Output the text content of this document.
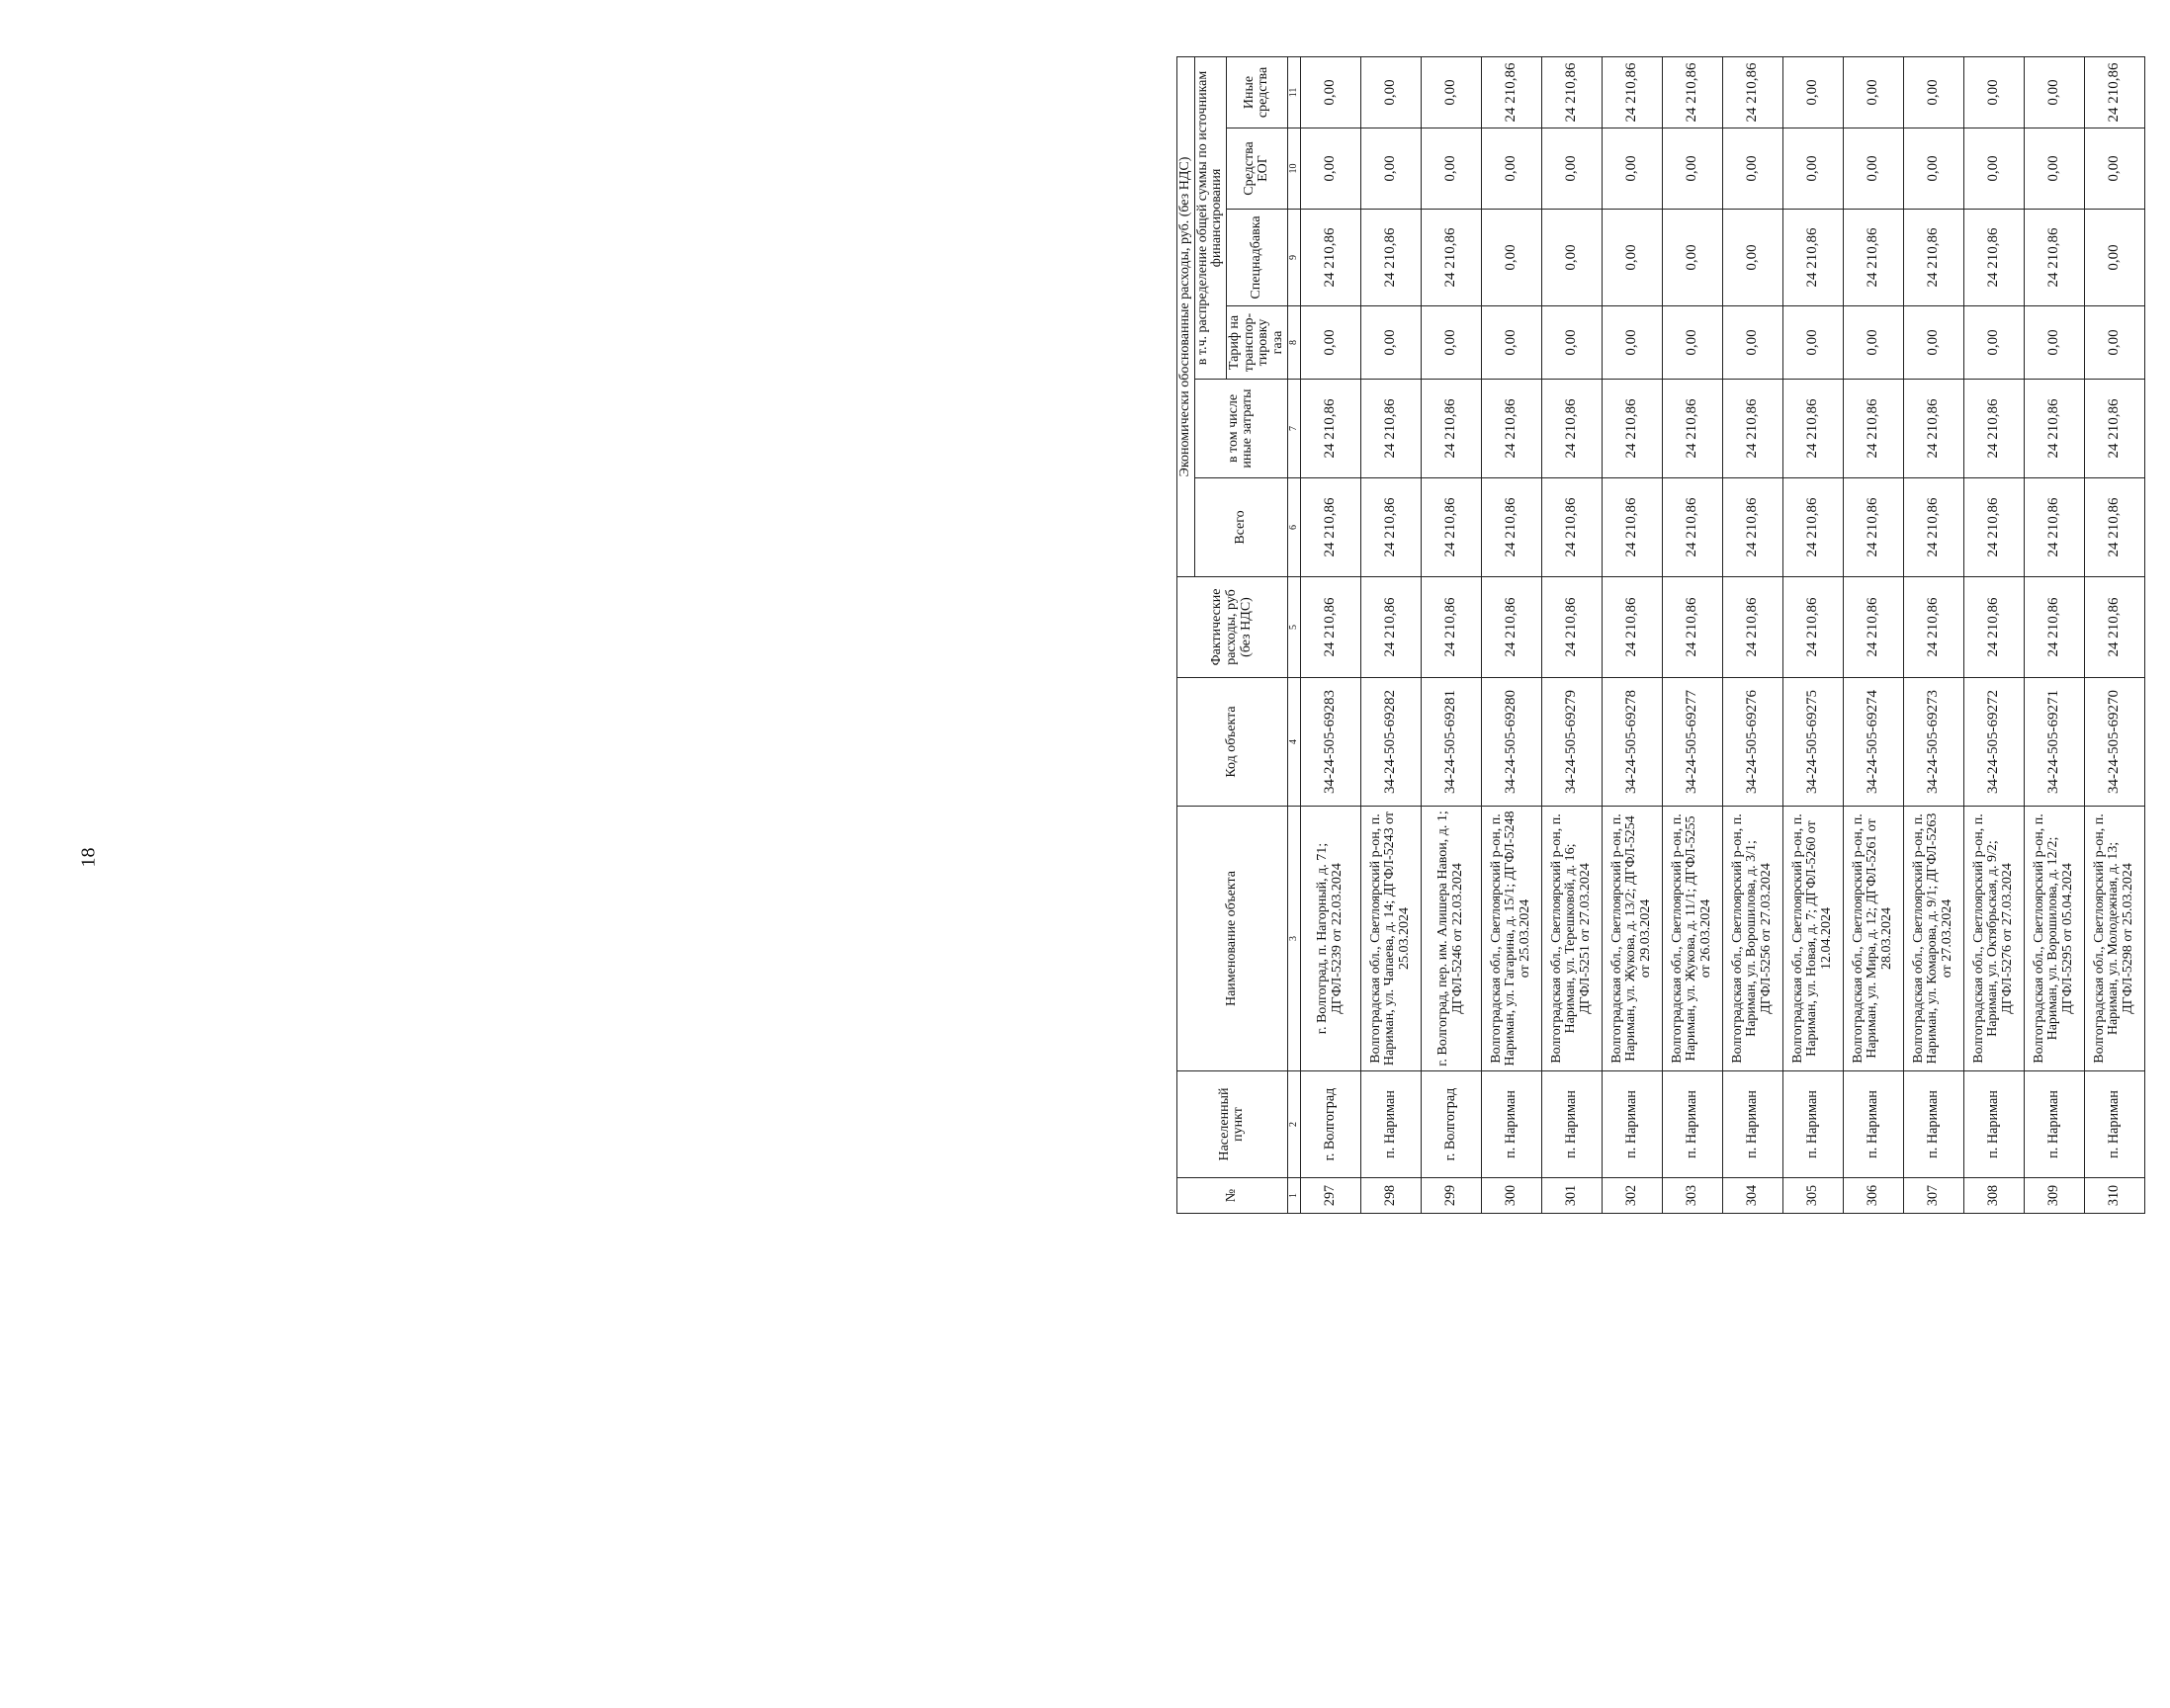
18
№	Населенный пункт	Наименование объекта	Код объекта	Фактические расходы, руб (без НДС)	Экономически обоснованные расходы, руб. (без НДС)					
					Всего	в том числе иные затраты	в т.ч. распределение общей суммы по источникам финансирования			
							Тариф на транспор-тировку газа	Спецнадбавка	Средства ЕОГ	Иные средства
1	2	3	4	5	6	7	8	9	10	11
297	г. Волгоград	г. Волгоград, п. Нагорный, д. 71; ДГФЛ-5239 от 22.03.2024	34-24-505-69283	24 210,86	24 210,86	24 210,86	0,00	24 210,86	0,00	0,00
298	п. Нариман	Волгоградская обл., Светлоярский р-он, п. Нариман, ул. Чапаева, д. 14; ДГФЛ-5243 от 25.03.2024	34-24-505-69282	24 210,86	24 210,86	24 210,86	0,00	24 210,86	0,00	0,00
299	г. Волгоград	г. Волгоград, пер. им. Алишера Навои, д. 1; ДГФЛ-5246 от 22.03.2024	34-24-505-69281	24 210,86	24 210,86	24 210,86	0,00	24 210,86	0,00	0,00
300	п. Нариман	Волгоградская обл., Светлоярский р-он, п. Нариман, ул. Гагарина, д. 15/1; ДГФЛ-5248 от 25.03.2024	34-24-505-69280	24 210,86	24 210,86	24 210,86	0,00	0,00	0,00	24 210,86
301	п. Нариман	Волгоградская обл., Светлоярский р-он, п. Нариман, ул. Терешковой, д. 16; ДГФЛ-5251 от 27.03.2024	34-24-505-69279	24 210,86	24 210,86	24 210,86	0,00	0,00	0,00	24 210,86
302	п. Нариман	Волгоградская обл., Светлоярский р-он, п. Нариман, ул. Жукова, д. 13/2; ДГФЛ-5254 от 29.03.2024	34-24-505-69278	24 210,86	24 210,86	24 210,86	0,00	0,00	0,00	24 210,86
303	п. Нариман	Волгоградская обл., Светлоярский р-он, п. Нариман, ул. Жукова, д. 11/1; ДГФЛ-5255 от 26.03.2024	34-24-505-69277	24 210,86	24 210,86	24 210,86	0,00	0,00	0,00	24 210,86
304	п. Нариман	Волгоградская обл., Светлоярский р-он, п. Нариман, ул. Ворошилова, д. 3/1; ДГФЛ-5256 от 27.03.2024	34-24-505-69276	24 210,86	24 210,86	24 210,86	0,00	0,00	0,00	24 210,86
305	п. Нариман	Волгоградская обл., Светлоярский р-он, п. Нариман, ул. Новая, д. 7; ДГФЛ-5260 от 12.04.2024	34-24-505-69275	24 210,86	24 210,86	24 210,86	0,00	24 210,86	0,00	0,00
306	п. Нариман	Волгоградская обл., Светлоярский р-он, п. Нариман, ул. Мира, д. 12; ДГФЛ-5261 от 28.03.2024	34-24-505-69274	24 210,86	24 210,86	24 210,86	0,00	24 210,86	0,00	0,00
307	п. Нариман	Волгоградская обл., Светлоярский р-он, п. Нариман, ул. Комарова, д. 9/1; ДГФЛ-5263 от 27.03.2024	34-24-505-69273	24 210,86	24 210,86	24 210,86	0,00	24 210,86	0,00	0,00
308	п. Нариман	Волгоградская обл., Светлоярский р-он, п. Нариман, ул. Октябрьская, д. 9/2; ДГФЛ-5276 от 27.03.2024	34-24-505-69272	24 210,86	24 210,86	24 210,86	0,00	24 210,86	0,00	0,00
309	п. Нариман	Волгоградская обл., Светлоярский р-он, п. Нариман, ул. Ворошилова, д. 12/2; ДГФЛ-5295 от 05.04.2024	34-24-505-69271	24 210,86	24 210,86	24 210,86	0,00	24 210,86	0,00	0,00
310	п. Нариман	Волгоградская обл., Светлоярский р-он, п. Нариман, ул. Молодежная, д. 13; ДГФЛ-5298 от 25.03.2024	34-24-505-69270	24 210,86	24 210,86	24 210,86	0,00	0,00	0,00	24 210,86
